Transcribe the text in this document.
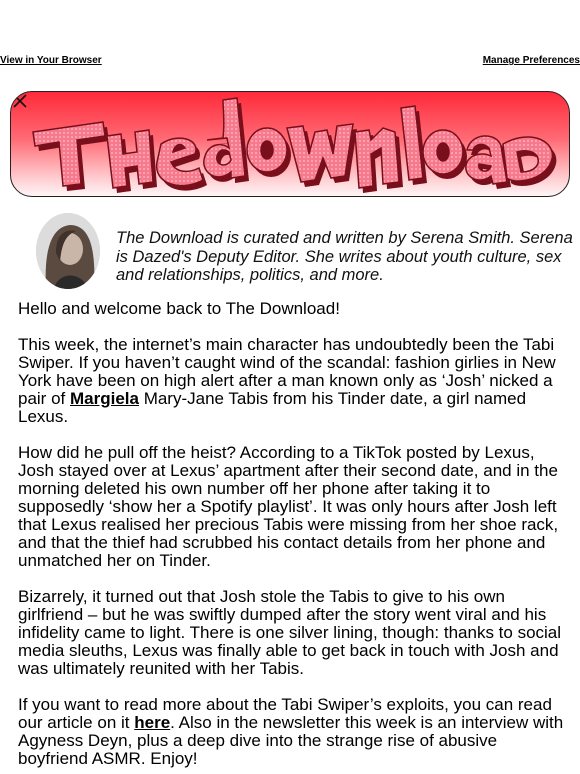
View in Your Browser	Manage Preferences
The Download is curated and written by Serena Smith. Serena is Dazed's Deputy Editor. She writes about youth culture, sex and relationships, politics, and more.

Hello and welcome back to The Download!

This week, the internet’s main character has undoubtedly been the Tabi Swiper. If you haven’t caught wind of the scandal: fashion girlies in New York have been on high alert after a man known only as ‘Josh’ nicked a pair of Margiela Mary-Jane Tabis from his Tinder date, a girl named Lexus.

How did he pull off the heist? According to a TikTok posted by Lexus, Josh stayed over at Lexus’ apartment after their second date, and in the morning deleted his own number off her phone after taking it to supposedly ‘show her a Spotify playlist’. It was only hours after Josh left that Lexus realised her precious Tabis were missing from her shoe rack, and that the thief had scrubbed his contact details from her phone and unmatched her on Tinder.

Bizarrely, it turned out that Josh stole the Tabis to give to his own girlfriend – but he was swiftly dumped after the story went viral and his infidelity came to light. There is one silver lining, though: thanks to social media sleuths, Lexus was finally able to get back in touch with Josh and was ultimately reunited with her Tabis.

If you want to read more about the Tabi Swiper’s exploits, you can read our article on it here. Also in the newsletter this week is an interview with Agyness Deyn, plus a deep dive into the strange rise of abusive boyfriend ASMR. Enjoy!
